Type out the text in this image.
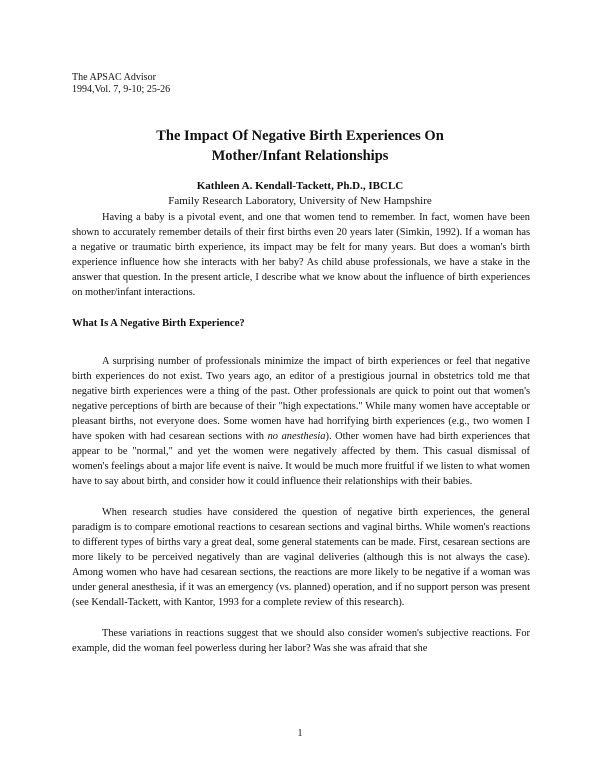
The APSAC Advisor
1994,Vol. 7, 9-10; 25-26
The Impact Of Negative Birth Experiences On
Mother/Infant Relationships
Kathleen A. Kendall-Tackett, Ph.D., IBCLC
Family Research Laboratory, University of New Hampshire

Having a baby is a pivotal event, and one that women tend to remember. In fact, women have been shown to accurately remember details of their first births even 20 years later (Simkin, 1992). If a woman has a negative or traumatic birth experience, its impact may be felt for many years. But does a woman's birth experience influence how she interacts with her baby? As child abuse professionals, we have a stake in the answer that question. In the present article, I describe what we know about the influence of birth experiences on mother/infant interactions.

What Is A Negative Birth Experience?

A surprising number of professionals minimize the impact of birth experiences or feel that negative birth experiences do not exist. Two years ago, an editor of a prestigious journal in obstetrics told me that negative birth experiences were a thing of the past. Other professionals are quick to point out that women's negative perceptions of birth are because of their "high expectations." While many women have acceptable or pleasant births, not everyone does. Some women have had horrifying birth experiences (e.g., two women I have spoken with had cesarean sections with no anesthesia). Other women have had birth experiences that appear to be "normal," and yet the women were negatively affected by them. This casual dismissal of women's feelings about a major life event is naive. It would be much more fruitful if we listen to what women have to say about birth, and consider how it could influence their relationships with their babies.

When research studies have considered the question of negative birth experiences, the general paradigm is to compare emotional reactions to cesarean sections and vaginal births. While women's reactions to different types of births vary a great deal, some general statements can be made. First, cesarean sections are more likely to be perceived negatively than are vaginal deliveries (although this is not always the case). Among women who have had cesarean sections, the reactions are more likely to be negative if a woman was under general anesthesia, if it was an emergency (vs. planned) operation, and if no support person was present (see Kendall-Tackett, with Kantor, 1993 for a complete review of this research).

These variations in reactions suggest that we should also consider women's subjective reactions. For example, did the woman feel powerless during her labor? Was she was afraid that she

1
